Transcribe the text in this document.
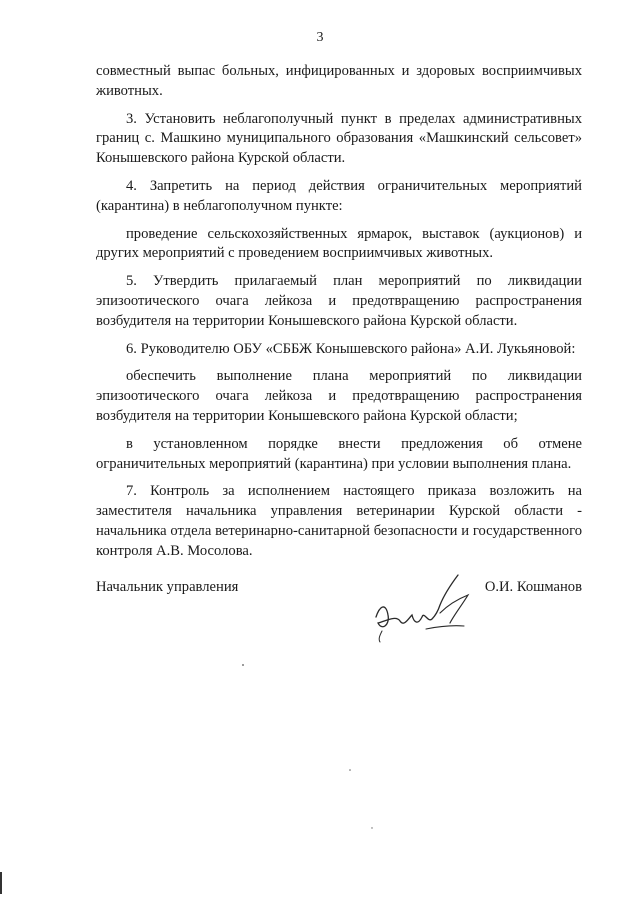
3

совместный выпас больных, инфицированных и здоровых восприимчивых животных.

3. Установить неблагополучный пункт в пределах административных границ с. Машкино муниципального образования «Машкинский сельсовет» Конышевского района Курской области.

4. Запретить на период действия ограничительных мероприятий (карантина) в неблагополучном пункте:

проведение сельскохозяйственных ярмарок, выставок (аукционов) и других мероприятий с проведением восприимчивых животных.

5. Утвердить прилагаемый план мероприятий по ликвидации эпизоотического очага лейкоза и предотвращению распространения возбудителя на территории Конышевского района Курской области.

6. Руководителю ОБУ «СББЖ Конышевского района» А.И. Лукьяновой:

обеспечить выполнение плана мероприятий по ликвидации эпизоотического очага лейкоза и предотвращению распространения возбудителя на территории Конышевского района Курской области;

в установленном порядке внести предложения об отмене ограничительных мероприятий (карантина) при условии выполнения плана.

7. Контроль за исполнением настоящего приказа возложить на заместителя начальника управления ветеринарии Курской области - начальника отдела ветеринарно-санитарной безопасности и государственного контроля А.В. Мосолова.

Начальник управления	О.И. Кошманов
